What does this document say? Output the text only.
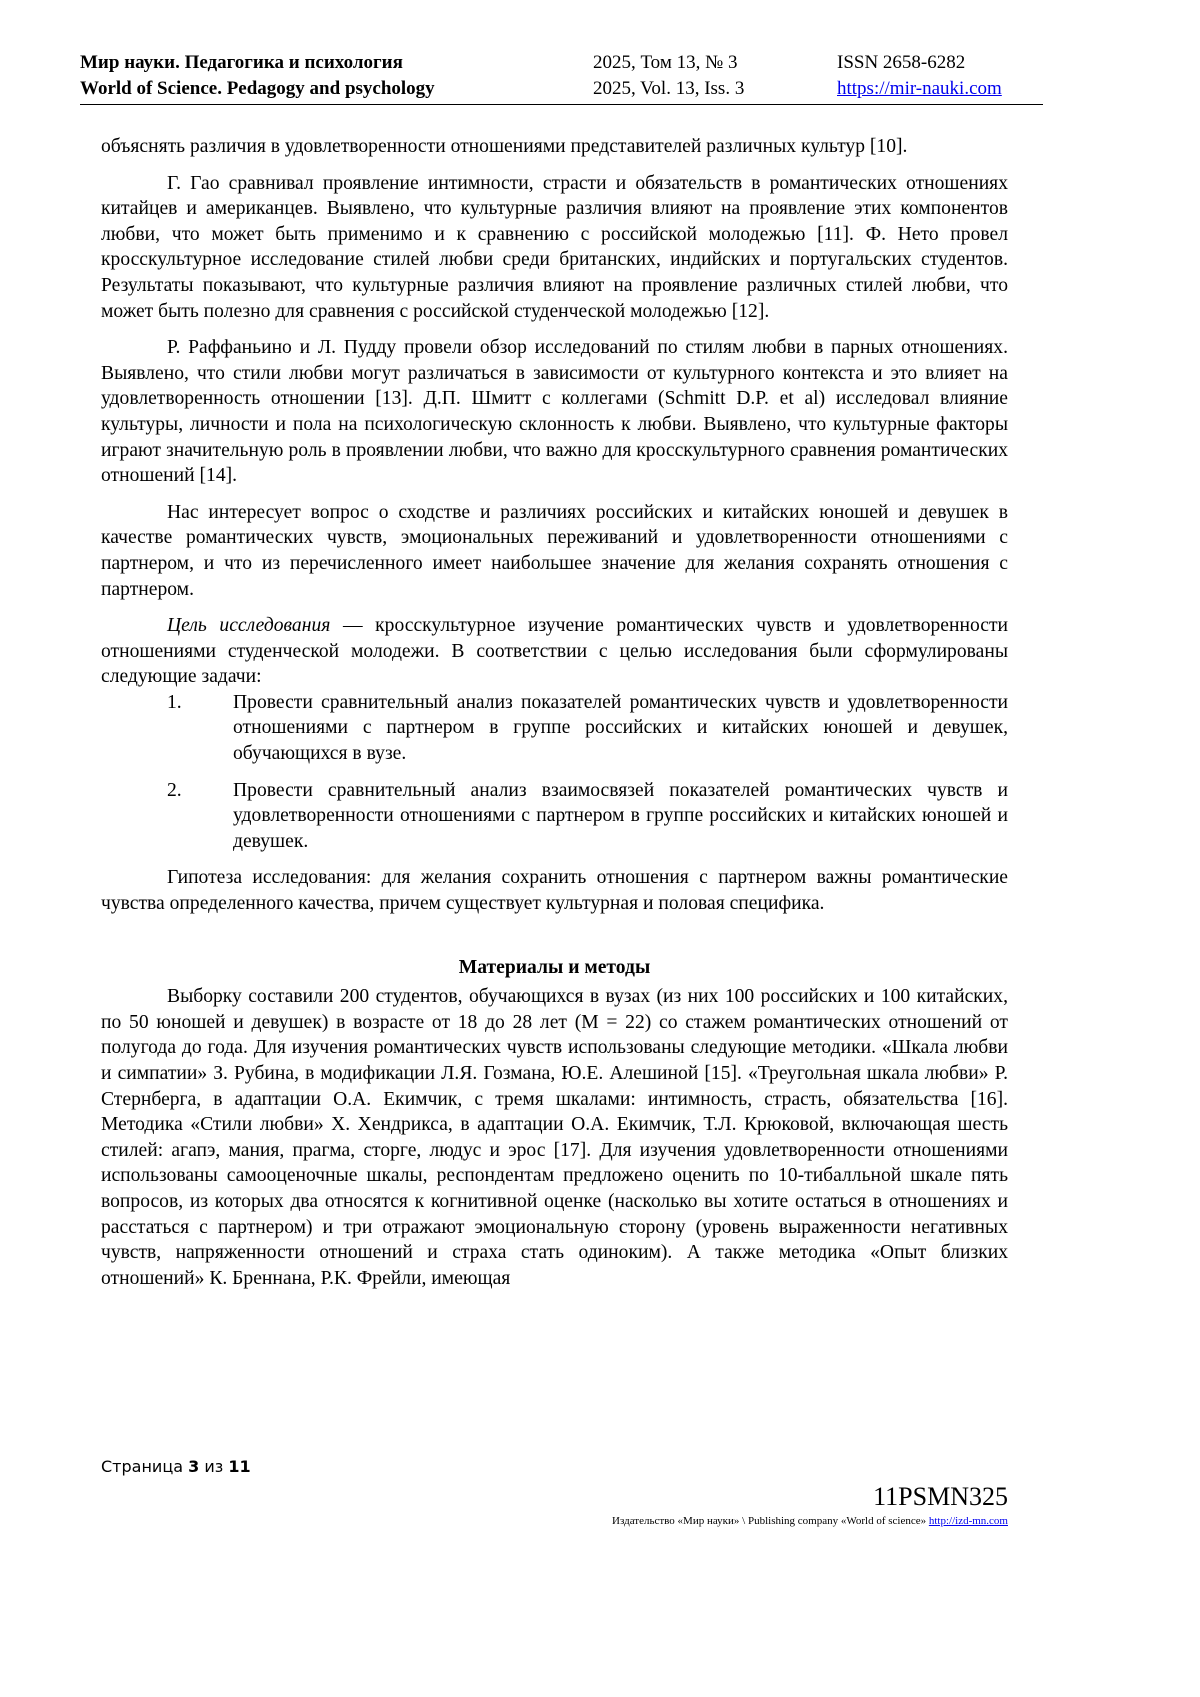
Мир науки. Педагогика и психология
World of Science. Pedagogy and psychology
2025, Том 13, № 3
2025, Vol. 13, Iss. 3
ISSN 2658-6282
https://mir-nauki.com

объяснять различия в удовлетворенности отношениями представителей различных культур [10].

Г. Гао сравнивал проявление интимности, страсти и обязательств в романтических отношениях китайцев и американцев. Выявлено, что культурные различия влияют на проявление этих компонентов любви, что может быть применимо и к сравнению с российской молодежью [11]. Ф. Нето провел кросскультурное исследование стилей любви среди британских, индийских и португальских студентов. Результаты показывают, что культурные различия влияют на проявление различных стилей любви, что может быть полезно для сравнения с российской студенческой молодежью [12].

Р. Раффаньино и Л. Пудду провели обзор исследований по стилям любви в парных отношениях. Выявлено, что стили любви могут различаться в зависимости от культурного контекста и это влияет на удовлетворенность отношении [13]. Д.П. Шмитт с коллегами (Schmitt D.P. et al) исследовал влияние культуры, личности и пола на психологическую склонность к любви. Выявлено, что культурные факторы играют значительную роль в проявлении любви, что важно для кросскультурного сравнения романтических отношений [14].

Нас интересует вопрос о сходстве и различиях российских и китайских юношей и девушек в качестве романтических чувств, эмоциональных переживаний и удовлетворенности отношениями с партнером, и что из перечисленного имеет наибольшее значение для желания сохранять отношения с партнером.

Цель исследования — кросскультурное изучение романтических чувств и удовлетворенности отношениями студенческой молодежи. В соответствии с целью исследования были сформулированы следующие задачи:

1.	Провести сравнительный анализ показателей романтических чувств и удовлетворенности отношениями с партнером в группе российских и китайских юношей и девушек, обучающихся в вузе.
2.	Провести сравнительный анализ взаимосвязей показателей романтических чувств и удовлетворенности отношениями с партнером в группе российских и китайских юношей и девушек.

Гипотеза исследования: для желания сохранить отношения с партнером важны романтические чувства определенного качества, причем существует культурная и половая специфика.

Материалы и методы

Выборку составили 200 студентов, обучающихся в вузах (из них 100 российских и 100 китайских, по 50 юношей и девушек) в возрасте от 18 до 28 лет (М = 22) со стажем романтических отношений от полугода до года. Для изучения романтических чувств использованы следующие методики. «Шкала любви и симпатии» З. Рубина, в модификации Л.Я. Гозмана, Ю.Е. Алешиной [15]. «Треугольная шкала любви» Р. Стернберга, в адаптации О.А. Екимчик, с тремя шкалами: интимность, страсть, обязательства [16]. Методика «Стили любви» Х. Хендрикса, в адаптации О.А. Екимчик, Т.Л. Крюковой, включающая шесть стилей: агапэ, мания, прагма, сторге, людус и эрос [17]. Для изучения удовлетворенности отношениями использованы самооценочные шкалы, респондентам предложено оценить по 10-тибалльной шкале пять вопросов, из которых два относятся к когнитивной оценке (насколько вы хотите остаться в отношениях и расстаться с партнером) и три отражают эмоциональную сторону (уровень выраженности негативных чувств, напряженности отношений и страха стать одиноким). А также методика «Опыт близких отношений» К. Бреннана, Р.К. Фрейли, имеющая

Страница 3 из 11
11PSMN325
Издательство «Мир науки» \ Publishing company «World of science» http://izd-mn.com
